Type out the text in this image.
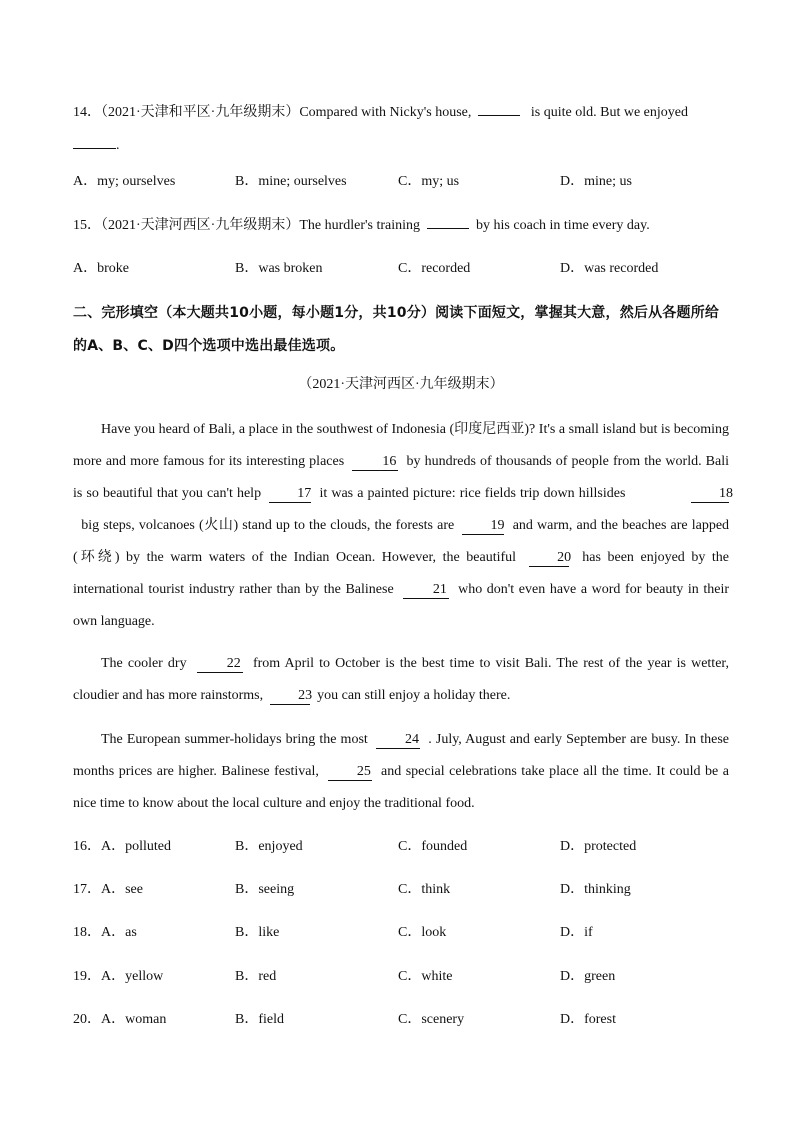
14．（2021·天津和平区·九年级期末）Compared with Nicky's house,	is quite old. But we enjoyed
.
A．my; ourselves	B．mine; ourselves	C．my; us	D．mine; us
15．（2021·天津河西区·九年级期末）The hurdler's training	by his coach in time every day.
A．broke	B．was broken	C．recorded	D．was recorded
二、完形填空（本大题共10小题，每小题1分，共10分）阅读下面短文，掌握其大意，然后从各题所给
的A、B、C、D四个选项中选出最佳选项。
（2021·天津河西区·九年级期末）
Have you heard of Bali, a place in the southwest of Indonesia (印度尼西亚)? It's a small island but is becoming more and more famous for its interesting places	16 by hundreds of thousands of people from the world. Bali is so beautiful that you can't help	17 it was a painted picture: rice fields trip down hillsides	18  big steps, volcanoes (火山) stand up to the clouds, the forests are	19 and warm, and the beaches are lapped (环绕) by the warm waters of the Indian Ocean. However, the beautiful	20 has been enjoyed by the international tourist industry rather than by the Balinese	21 who don't even have a word for beauty in their own language.
The cooler dry	22 from April to October is the best time to visit Bali. The rest of the year is wetter, cloudier and has more rainstorms,	23 you can still enjoy a holiday there.
The European summer-holidays bring the most	24 . July, August and early September are busy. In these months prices are higher. Balinese festival,	25 and special celebrations take place all the time. It could be a nice time to know about the local culture and enjoy the traditional food.
16．A．polluted	B．enjoyed	C．founded	D．protected
17．A．see	B．seeing	C．think	D．thinking
18．A．as	B．like	C．look	D．if
19．A．yellow	B．red	C．white	D．green
20．A．woman	B．field	C．scenery	D．forest
